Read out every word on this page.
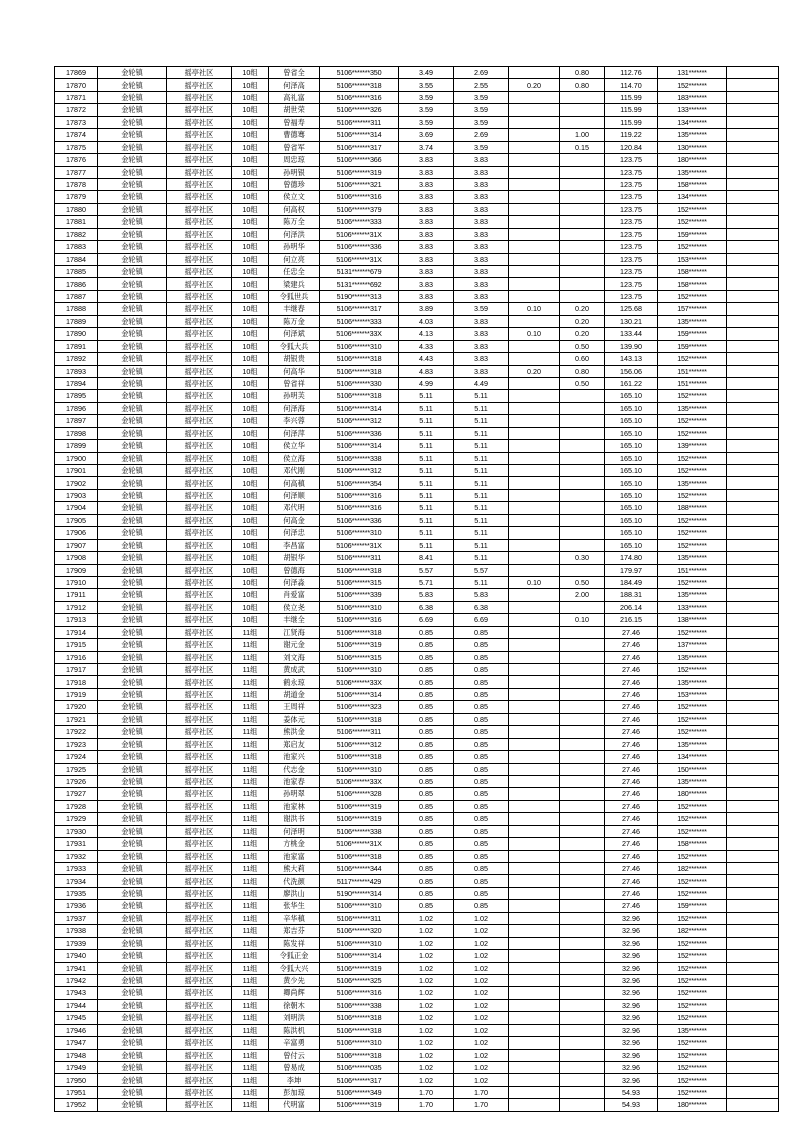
17869	金轮镇	摇亭社区	10组	曾省全	5106*******350	3.49	2.69		0.80	112.76	131*******	
17870	金轮镇	摇亭社区	10组	何泽高	5106*******318	3.55	2.55	0.20	0.80	114.70	152*******	
17871	金轮镇	摇亭社区	10组	高礼富	5106*******316	3.59	3.59			115.99	183*******	
17872	金轮镇	摇亭社区	10组	胡世荣	5106*******326	3.59	3.59			115.99	133*******	
17873	金轮镇	摇亭社区	10组	曾福寿	5106*******311	3.59	3.59			115.99	134*******	
17874	金轮镇	摇亭社区	10组	曹德骞	5106*******314	3.69	2.69		1.00	119.22	135*******	
17875	金轮镇	摇亭社区	10组	曾省军	5106*******317	3.74	3.59		0.15	120.84	130*******	
17876	金轮镇	摇亭社区	10组	周忠琼	5106*******366	3.83	3.83			123.75	180*******	
17877	金轮镇	摇亭社区	10组	孙明银	5106*******319	3.83	3.83			123.75	135*******	
17878	金轮镇	摇亭社区	10组	曾德珍	5106*******321	3.83	3.83			123.75	158*******	
17879	金轮镇	摇亭社区	10组	侯立文	5106*******316	3.83	3.83			123.75	134*******	
17880	金轮镇	摇亭社区	10组	何高权	5106*******379	3.83	3.83			123.75	152*******	
17881	金轮镇	摇亭社区	10组	陈万全	5106*******333	3.83	3.83			123.75	152*******	
17882	金轮镇	摇亭社区	10组	何泽洪	5106*******31X	3.83	3.83			123.75	159*******	
17883	金轮镇	摇亭社区	10组	孙明华	5106*******336	3.83	3.83			123.75	152*******	
17884	金轮镇	摇亭社区	10组	何立亮	5106*******31X	3.83	3.83			123.75	153*******	
17885	金轮镇	摇亭社区	10组	任忠全	5131*******679	3.83	3.83			123.75	158*******	
17886	金轮镇	摇亭社区	10组	梁建兵	5131*******692	3.83	3.83			123.75	158*******	
17887	金轮镇	摇亭社区	10组	令狐世兵	5190*******313	3.83	3.83			123.75	152*******	
17888	金轮镇	摇亭社区	10组	丰继春	5106*******317	3.89	3.59	0.10	0.20	125.68	157*******	
17889	金轮镇	摇亭社区	10组	陈万金	5106*******333	4.03	3.83		0.20	130.21	135*******	
17890	金轮镇	摇亭社区	10组	何泽斌	5106*******33X	4.13	3.83	0.10	0.20	133.44	159*******	
17891	金轮镇	摇亭社区	10组	令狐大兵	5106*******310	4.33	3.83		0.50	139.90	159*******	
17892	金轮镇	摇亭社区	10组	胡银贵	5106*******318	4.43	3.83		0.60	143.13	152*******	
17893	金轮镇	摇亭社区	10组	何高华	5106*******318	4.83	3.83	0.20	0.80	156.06	151*******	
17894	金轮镇	摇亭社区	10组	曾省祥	5106*******330	4.99	4.49		0.50	161.22	151*******	
17895	金轮镇	摇亭社区	10组	孙明芙	5106*******318	5.11	5.11			165.10	152*******	
17896	金轮镇	摇亭社区	10组	何泽海	5106*******314	5.11	5.11			165.10	135*******	
17897	金轮镇	摇亭社区	10组	李兴蓉	5106*******312	5.11	5.11			165.10	152*******	
17898	金轮镇	摇亭社区	10组	何泽萍	5106*******336	5.11	5.11			165.10	152*******	
17899	金轮镇	摇亭社区	10组	侯立华	5106*******314	5.11	5.11			165.10	139*******	
17900	金轮镇	摇亭社区	10组	侯立海	5106*******338	5.11	5.11			165.10	152*******	
17901	金轮镇	摇亭社区	10组	邓代刚	5106*******312	5.11	5.11			165.10	152*******	
17902	金轮镇	摇亭社区	10组	何高稹	5106*******354	5.11	5.11			165.10	135*******	
17903	金轮镇	摇亭社区	10组	何泽顺	5106*******316	5.11	5.11			165.10	152*******	
17904	金轮镇	摇亭社区	10组	邓代明	5106*******316	5.11	5.11			165.10	188*******	
17905	金轮镇	摇亭社区	10组	何高金	5106*******336	5.11	5.11			165.10	152*******	
17906	金轮镇	摇亭社区	10组	何泽忠	5106*******310	5.11	5.11			165.10	152*******	
17907	金轮镇	摇亭社区	10组	李昌富	5106*******31X	5.11	5.11			165.10	152*******	
17908	金轮镇	摇亭社区	10组	胡银华	5106*******311	8.41	5.11		0.30	174.80	135*******	
17909	金轮镇	摇亭社区	10组	曾德海	5106*******318	5.57	5.57			179.97	151*******	
17910	金轮镇	摇亭社区	10组	何泽淼	5106*******315	5.71	5.11	0.10	0.50	184.49	152*******	
17911	金轮镇	摇亭社区	10组	肖爱富	5106*******339	5.83	5.83		2.00	188.31	135*******	
17912	金轮镇	摇亭社区	10组	侯立尧	5106*******310	6.38	6.38			206.14	133*******	
17913	金轮镇	摇亭社区	10组	丰继全	5106*******316	6.69	6.69		0.10	216.15	138*******	
17914	金轮镇	摇亭社区	11组	江贤海	5106*******318	0.85	0.85			27.46	152*******	
17915	金轮镇	摇亭社区	11组	谢元金	5106*******319	0.85	0.85			27.46	137*******	
17916	金轮镇	摇亭社区	11组	刘文海	5106*******315	0.85	0.85			27.46	135*******	
17917	金轮镇	摇亭社区	11组	黄成武	5106*******310	0.85	0.85			27.46	152*******	
17918	金轮镇	摇亭社区	11组	鹤永琼	5106*******33X	0.85	0.85			27.46	135*******	
17919	金轮镇	摇亭社区	11组	胡道金	5106*******314	0.85	0.85			27.46	153*******	
17920	金轮镇	摇亭社区	11组	王周祥	5106*******323	0.85	0.85			27.46	152*******	
17921	金轮镇	摇亭社区	11组	姜体元	5106*******318	0.85	0.85			27.46	152*******	
17922	金轮镇	摇亭社区	11组	熊洪金	5106*******311	0.85	0.85			27.46	152*******	
17923	金轮镇	摇亭社区	11组	郑启友	5106*******312	0.85	0.85			27.46	135*******	
17924	金轮镇	摇亭社区	11组	池家兴	5106*******318	0.85	0.85			27.46	134*******	
17925	金轮镇	摇亭社区	11组	代志金	5106*******310	0.85	0.85			27.46	150*******	
17926	金轮镇	摇亭社区	11组	池家春	5106*******33X	0.85	0.85			27.46	135*******	
17927	金轮镇	摇亭社区	11组	孙明翠	5106*******328	0.85	0.85			27.46	180*******	
17928	金轮镇	摇亭社区	11组	池家林	5106*******319	0.85	0.85			27.46	152*******	
17929	金轮镇	摇亭社区	11组	谢洪书	5106*******319	0.85	0.85			27.46	152*******	
17930	金轮镇	摇亭社区	11组	何泽明	5106*******338	0.85	0.85			27.46	152*******	
17931	金轮镇	摇亭社区	11组	方桃金	5106*******31X	0.85	0.85			27.46	158*******	
17932	金轮镇	摇亭社区	11组	池家富	5106*******318	0.85	0.85			27.46	152*******	
17933	金轮镇	摇亭社区	11组	熊大莉	5106*******344	0.85	0.85			27.46	182*******	
17934	金轮镇	摇亭社区	11组	代洗颜	5117*******429	0.85	0.85			27.46	152*******	
17935	金轮镇	摇亭社区	11组	廖洪山	5190*******314	0.85	0.85			27.46	152*******	
17936	金轮镇	摇亭社区	11组	张华生	5106*******310	0.85	0.85			27.46	159*******	
17937	金轮镇	摇亭社区	11组	辛华稹	5106*******311	1.02	1.02			32.96	152*******	
17938	金轮镇	摇亭社区	11组	郑吉芬	5106*******320	1.02	1.02			32.96	182*******	
17939	金轮镇	摇亭社区	11组	陈发祥	5106*******310	1.02	1.02			32.96	152*******	
17940	金轮镇	摇亭社区	11组	令狐正金	5106*******314	1.02	1.02			32.96	152*******	
17941	金轮镇	摇亭社区	11组	令狐大兴	5106*******319	1.02	1.02			32.96	152*******	
17942	金轮镇	摇亭社区	11组	黄少先	5106*******325	1.02	1.02			32.96	152*******	
17943	金轮镇	摇亭社区	11组	卿尚辉	5106*******316	1.02	1.02			32.96	152*******	
17944	金轮镇	摇亭社区	11组	徐朝木	5106*******338	1.02	1.02			32.96	152*******	
17945	金轮镇	摇亭社区	11组	刘明洪	5106*******318	1.02	1.02			32.96	152*******	
17946	金轮镇	摇亭社区	11组	陈洪机	5106*******318	1.02	1.02			32.96	135*******	
17947	金轮镇	摇亭社区	11组	辛富勇	5106*******310	1.02	1.02			32.96	152*******	
17948	金轮镇	摇亭社区	11组	曾付云	5106*******318	1.02	1.02			32.96	152*******	
17949	金轮镇	摇亭社区	11组	曾易成	5106*******035	1.02	1.02			32.96	152*******	
17950	金轮镇	摇亭社区	11组	李坤	5106*******317	1.02	1.02			32.96	152*******	
17951	金轮镇	摇亭社区	11组	彭加琼	5106*******349	1.70	1.70			54.93	152*******	
17952	金轮镇	摇亭社区	11组	代明富	5106*******319	1.70	1.70			54.93	180*******	
